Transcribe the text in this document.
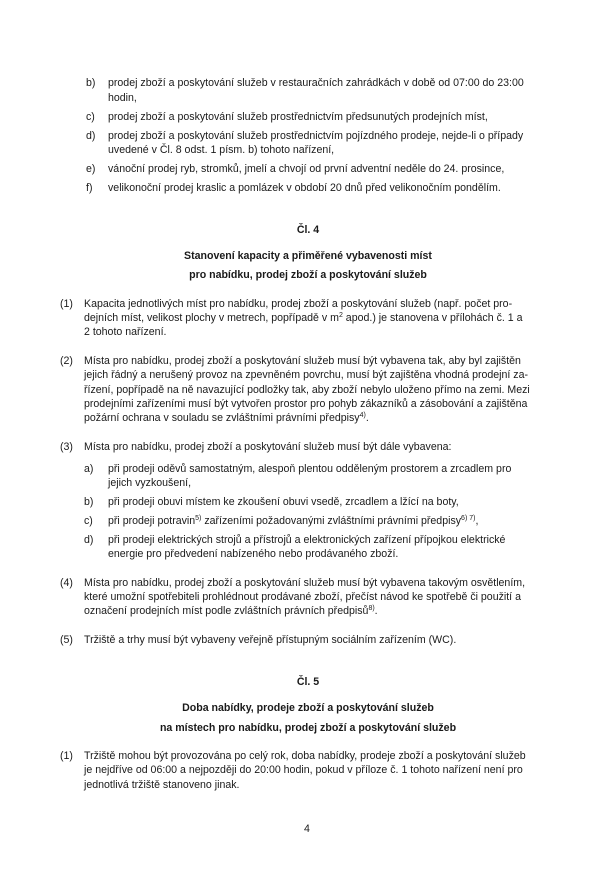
b) prodej zboží a poskytování služeb v restauračních zahrádkách v době od 07:00 do 23:00
hodin,
c) prodej zboží a poskytování služeb prostřednictvím předsunutých prodejních míst,
d) prodej zboží a poskytování služeb prostřednictvím pojízdného prodeje, nejde-li o případy
uvedené v Čl. 8 odst. 1 písm. b) tohoto nařízení,
e) vánoční prodej ryb, stromků, jmelí a chvojí od první adventní neděle do 24. prosince,
f) velikonoční prodej kraslic a pomlázek v období 20 dnů před velikonočním pondělím.
Čl. 4
Stanovení kapacity a přiměřené vybavenosti míst
pro nabídku, prodej zboží a poskytování služeb
(1) Kapacita jednotlivých míst pro nabídku, prodej zboží a poskytování služeb (např. počet pro-
dejních míst, velikost plochy v metrech, popřípadě v $m^2$ apod.) je stanovena v přílohách č. 1 a
2 tohoto nařízení.
(2) Místa pro nabídku, prodej zboží a poskytování služeb musí být vybavena tak, aby byl zajištěn
jejich řádný a nerušený provoz na zpevněném povrchu, musí být zajištěna vhodná prodejní za-
řízení, popřípadě na ně navazující podložky tak, aby zboží nebylo uloženo přímo na zemi. Mezi
prodejními zařízeními musí být vytvořen prostor pro pohyb zákazníků a zásobování a zajištěna
požární ochrana v souladu se zvláštními právními předpisy$^{4)}$.
(3) Místa pro nabídku, prodej zboží a poskytování služeb musí být dále vybavena:
a) při prodeji oděvů samostatným, alespoň plentou odděleným prostorem a zrcadlem pro
jejich vyzkoušení,
b) při prodeji obuvi místem ke zkoušení obuvi vsedě, zrcadlem a lžící na boty,
c) při prodeji potravin$^{5)}$ zařízeními požadovanými zvláštními právními předpisy$^{6) 7)}$,
d) při prodeji elektrických strojů a přístrojů a elektronických zařízení přípojkou elektrické
energie pro předvedení nabízeného nebo prodávaného zboží.
(4) Místa pro nabídku, prodej zboží a poskytování služeb musí být vybavena takovým osvětlením,
které umožní spotřebiteli prohlédnout prodávané zboží, přečíst návod ke spotřebě či použití a
označení prodejních míst podle zvláštních právních předpisů$^{8)}$.
(5) Tržiště a trhy musí být vybaveny veřejně přístupným sociálním zařízením (WC).
Čl. 5
Doba nabídky, prodeje zboží a poskytování služeb
na místech pro nabídku, prodej zboží a poskytování služeb
(1) Tržiště mohou být provozována po celý rok, doba nabídky, prodeje zboží a poskytování služeb
je nejdříve od 06:00 a nejpozději do 20:00 hodin, pokud v příloze č. 1 tohoto nařízení není pro
jednotlivá tržiště stanoveno jinak.
4
